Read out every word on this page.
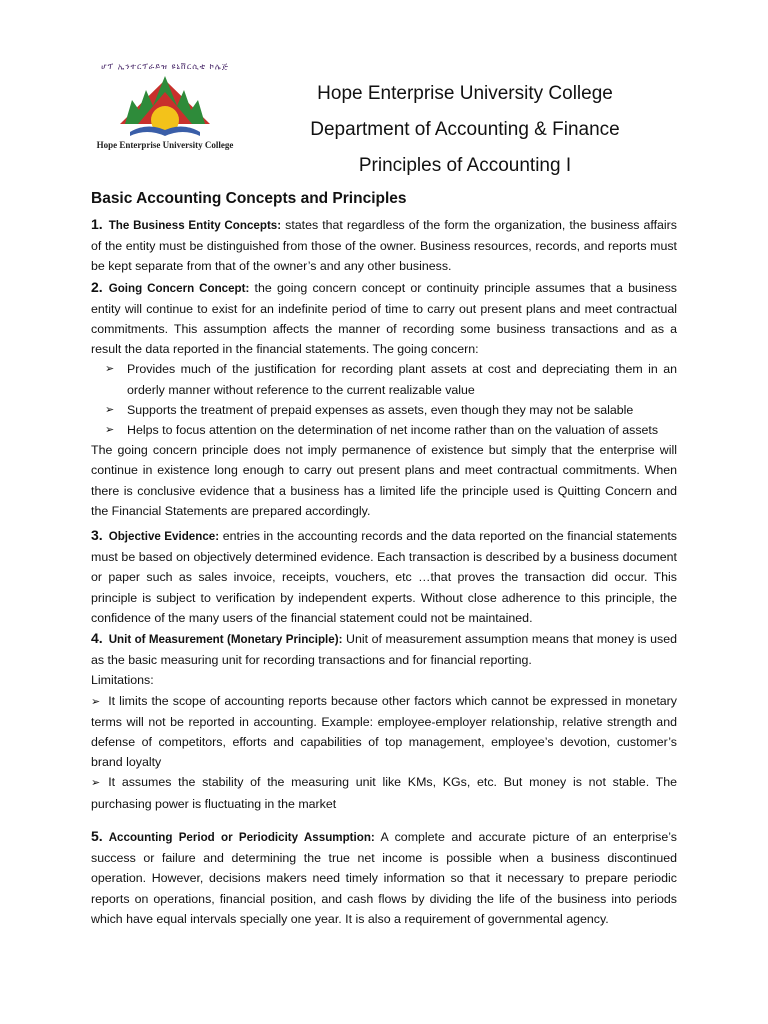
ሆፕ ኢንተርፕራይዝ ዩኒቨርሲቲ ኮሌጅ
Hope Enterprise University College
Hope Enterprise University College
Department of Accounting & Finance
Principles of Accounting I
Basic Accounting Concepts and Principles

1. The Business Entity Concepts: states that regardless of the form the organization, the business affairs of the entity must be distinguished from those of the owner. Business resources, records, and reports must be kept separate from that of the owner’s and any other business.

2. Going Concern Concept: the going concern concept or continuity principle assumes that a business entity will continue to exist for an indefinite period of time to carry out present plans and meet contractual commitments. This assumption affects the manner of recording some business transactions and as a result the data reported in the financial statements. The going concern:

➢ Provides much of the justification for recording plant assets at cost and depreciating them in an orderly manner without reference to the current realizable value
➢ Supports the treatment of prepaid expenses as assets, even though they may not be salable
➢ Helps to focus attention on the determination of net income rather than on the valuation of assets

The going concern principle does not imply permanence of existence but simply that the enterprise will continue in existence long enough to carry out present plans and meet contractual commitments. When there is conclusive evidence that a business has a limited life the principle used is Quitting Concern and the Financial Statements are prepared accordingly.

3. Objective Evidence: entries in the accounting records and the data reported on the financial statements must be based on objectively determined evidence. Each transaction is described by a business document or paper such as sales invoice, receipts, vouchers, etc …that proves the transaction did occur. This principle is subject to verification by independent experts. Without close adherence to this principle, the confidence of the many users of the financial statement could not be maintained.

4. Unit of Measurement (Monetary Principle): Unit of measurement assumption means that money is used as the basic measuring unit for recording transactions and for financial reporting.

Limitations:

➢ It limits the scope of accounting reports because other factors which cannot be expressed in monetary terms will not be reported in accounting. Example: employee-employer relationship, relative strength and defense of competitors, efforts and capabilities of top management, employee’s devotion, customer’s brand loyalty

➢ It assumes the stability of the measuring unit like KMs, KGs, etc. But money is not stable. The purchasing power is fluctuating in the market

5. Accounting Period or Periodicity Assumption: A complete and accurate picture of an enterprise’s success or failure and determining the true net income is possible when a business discontinued operation. However, decisions makers need timely information so that it necessary to prepare periodic reports on operations, financial position, and cash flows by dividing the life of the business into periods which have equal intervals specially one year. It is also a requirement of governmental agency.
